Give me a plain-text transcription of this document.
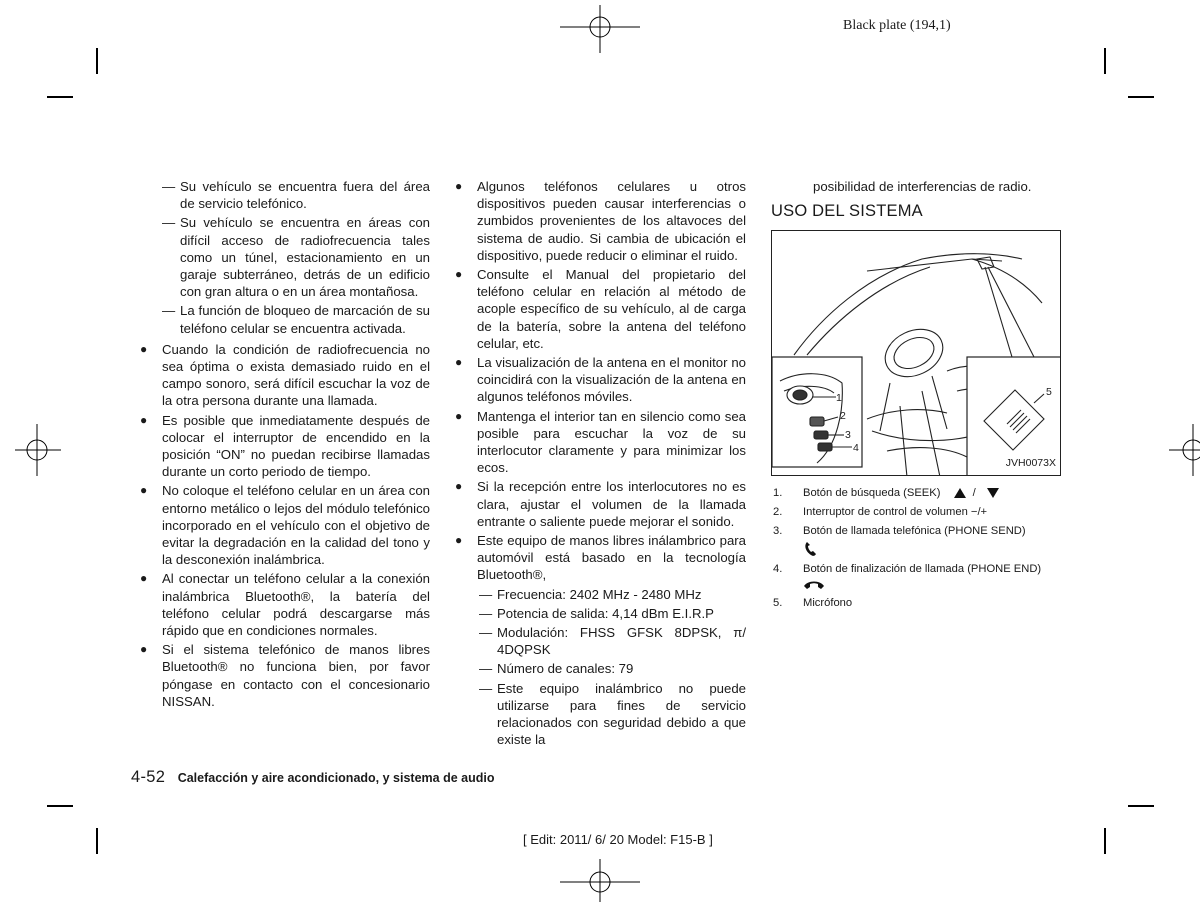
Black plate (194,1)
— Su vehículo se encuentra fuera del área de servicio telefónico.
— Su vehículo se encuentra en áreas con difícil acceso de radiofrecuencia tales como un túnel, estacionamiento en un garaje subterráneo, detrás de un edificio con gran altura o en un área montañosa.
— La función de bloqueo de marcación de su teléfono celular se encuentra activada.
● Cuando la condición de radiofrecuencia no sea óptima o exista demasiado ruido en el campo sonoro, será difícil escuchar la voz de la otra persona durante una llamada.
● Es posible que inmediatamente después de colocar el interruptor de encendido en la posición “ON” no puedan recibirse llamadas durante un corto periodo de tiempo.
● No coloque el teléfono celular en un área con entorno metálico o lejos del módulo telefónico incorporado en el vehículo con el objetivo de evitar la degradación en la calidad del tono y la desconexión inalámbrica.
● Al conectar un teléfono celular a la conexión inalámbrica Bluetooth®, la batería del teléfono celular podrá descargarse más rápido que en condiciones normales.
● Si el sistema telefónico de manos libres Bluetooth® no funciona bien, por favor póngase en contacto con el concesionario NISSAN.
● Algunos teléfonos celulares u otros dispositivos pueden causar interferencias o zumbidos provenientes de los altavoces del sistema de audio. Si cambia de ubicación el dispositivo, puede reducir o eliminar el ruido.
● Consulte el Manual del propietario del teléfono celular en relación al método de acople específico de su vehículo, al de carga de la batería, sobre la antena del teléfono celular, etc.
● La visualización de la antena en el monitor no coincidirá con la visualización de la antena en algunos teléfonos móviles.
● Mantenga el interior tan en silencio como sea posible para escuchar la voz de su interlocutor claramente y para minimizar los ecos.
● Si la recepción entre los interlocutores no es clara, ajustar el volumen de la llamada entrante o saliente puede mejorar el sonido.
● Este equipo de manos libres inálambrico para automóvil está basado en la tecnología Bluetooth®,
— Frecuencia: 2402 MHz - 2480 MHz
— Potencia de salida: 4,14 dBm E.I.R.P
— Modulación: FHSS GFSK 8DPSK, π/ 4DQPSK
— Número de canales: 79
— Este equipo inalámbrico no puede utilizarse para fines de servicio relacionados con seguridad debido a que existe la
posibilidad de interferencias de radio.
USO DEL SISTEMA
1
2
3
4
5
JVH0073X
1. Botón de búsqueda (SEEK)	/
2. Interruptor de control de volumen −/+
3. Botón de llamada telefónica (PHONE SEND)
4. Botón de finalización de llamada (PHONE END)
5. Micrófono
4-52 Calefacción y aire acondicionado, y sistema de audio
[ Edit: 2011/ 6/ 20 Model: F15-B ]
